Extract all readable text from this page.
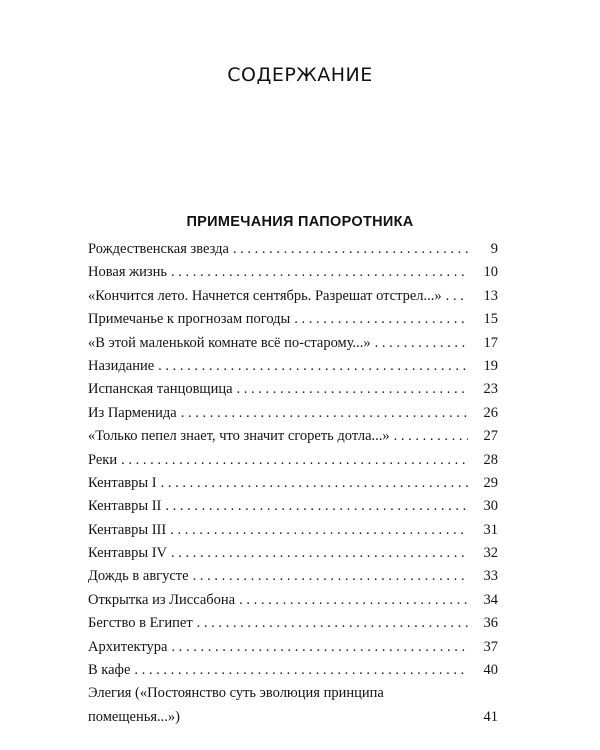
СОДЕРЖАНИЕ
ПРИМЕЧАНИЯ ПАПОРОТНИКА
Рождественская звезда . . .	9
Новая жизнь . . .	10
«Кончится лето. Начнется сентябрь. Разрешат отстрел...» . . .	13
Примечанье к прогнозам погоды . . .	15
«В этой маленькой комнате всё по-старому...» . . .	17
Назидание . . .	19
Испанская танцовщица . . .	23
Из Парменида . . .	26
«Только пепел знает, что значит сгореть дотла...» . . .	27
Реки . . .	28
Кентавры I . . .	29
Кентавры II . . .	30
Кентавры III . . .	31
Кентавры IV . . .	32
Дождь в августе . . .	33
Открытка из Лиссабона . . .	34
Бегство в Египет . . .	36
Архитектура . . .	37
В кафе . . .	40
Элегия («Постоянство суть эволюция принципа
помещенья...»)	41
